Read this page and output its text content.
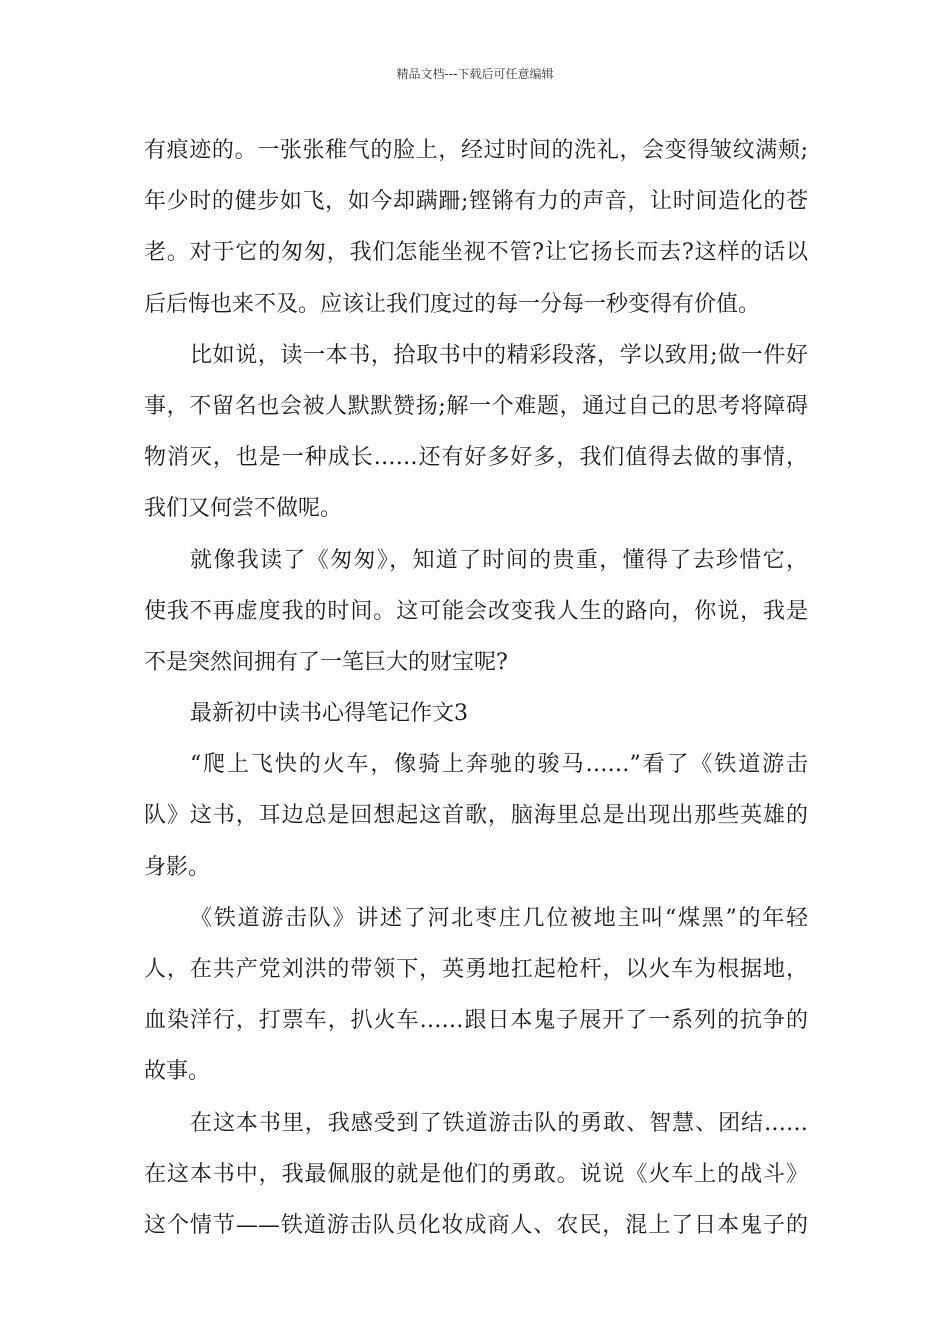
精品文档---下载后可任意编辑
有痕迹的。一张张稚气的脸上，经过时间的洗礼，会变得皱纹满颊;
年少时的健步如飞，如今却蹒跚;铿锵有力的声音，让时间造化的苍
老。对于它的匆匆，我们怎能坐视不管?让它扬长而去?这样的话以
后后悔也来不及。应该让我们度过的每一分每一秒变得有价值。
比如说，读一本书，拾取书中的精彩段落，学以致用;做一件好
事，不留名也会被人默默赞扬;解一个难题，通过自己的思考将障碍
物消灭，也是一种成长……还有好多好多，我们值得去做的事情，
我们又何尝不做呢。
就像我读了《匆匆》，知道了时间的贵重，懂得了去珍惜它，
使我不再虚度我的时间。这可能会改变我人生的路向，你说，我是
不是突然间拥有了一笔巨大的财宝呢?
最新初中读书心得笔记作文3
“爬上飞快的火车，像骑上奔驰的骏马……”看了《铁道游击
队》这书，耳边总是回想起这首歌，脑海里总是出现出那些英雄的
身影。
《铁道游击队》讲述了河北枣庄几位被地主叫“煤黑”的年轻
人，在共产党刘洪的带领下，英勇地扛起枪杆，以火车为根据地，
血染洋行，打票车，扒火车……跟日本鬼子展开了一系列的抗争的
故事。
在这本书里，我感受到了铁道游击队的勇敢、智慧、团结……
在这本书中，我最佩服的就是他们的勇敢。说说《火车上的战斗》
这个情节——铁道游击队员化妆成商人、农民，混上了日本鬼子的
